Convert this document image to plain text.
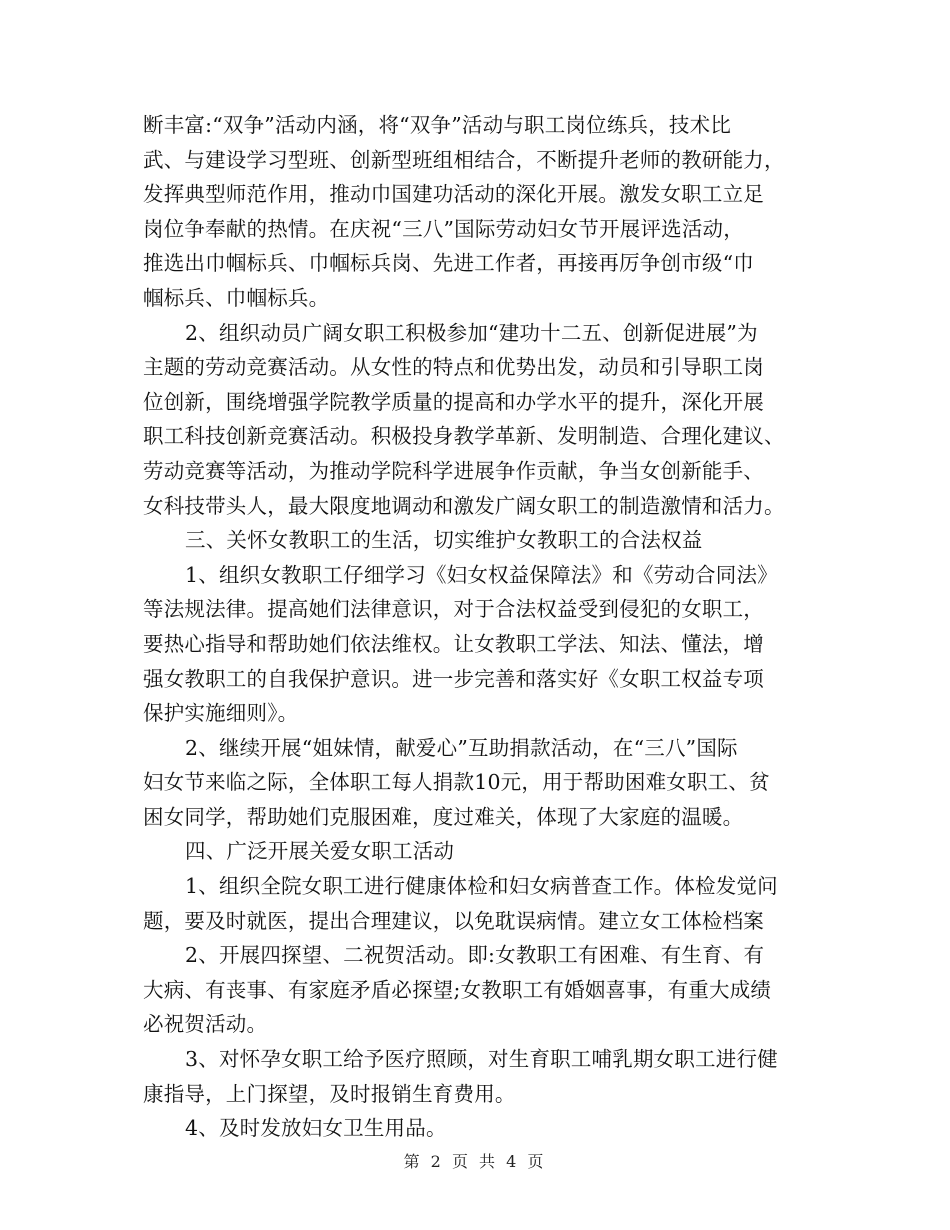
断丰富:“双争”活动内涵，将“双争”活动与职工岗位练兵，技术比
武、与建设学习型班、创新型班组相结合，不断提升老师的教研能力，
发挥典型师范作用，推动巾国建功活动的深化开展。激发女职工立足
岗位争奉献的热情。在庆祝“三八”国际劳动妇女节开展评选活动，
推选出巾帼标兵、巾帼标兵岗、先进工作者，再接再厉争创市级“巾
帼标兵、巾帼标兵。
2、组织动员广阔女职工积极参加“建功十二五、创新促进展”为
主题的劳动竞赛活动。从女性的特点和优势出发，动员和引导职工岗
位创新，围绕增强学院教学质量的提高和办学水平的提升，深化开展
职工科技创新竞赛活动。积极投身教学革新、发明制造、合理化建议、
劳动竞赛等活动，为推动学院科学进展争作贡献，争当女创新能手、
女科技带头人，最大限度地调动和激发广阔女职工的制造激情和活力。
三、关怀女教职工的生活，切实维护女教职工的合法权益
1、组织女教职工仔细学习《妇女权益保障法》和《劳动合同法》
等法规法律。提高她们法律意识，对于合法权益受到侵犯的女职工，
要热心指导和帮助她们依法维权。让女教职工学法、知法、懂法，增
强女教职工的自我保护意识。进一步完善和落实好《女职工权益专项
保护实施细则》。
2、继续开展“姐妹情，献爱心”互助捐款活动，在“三八”国际
妇女节来临之际，全体职工每人捐款10元，用于帮助困难女职工、贫
困女同学，帮助她们克服困难，度过难关，体现了大家庭的温暖。
四、广泛开展关爱女职工活动
1、组织全院女职工进行健康体检和妇女病普查工作。体检发觉问
题，要及时就医，提出合理建议，以免耽误病情。建立女工体检档案
2、开展四探望、二祝贺活动。即:女教职工有困难、有生育、有
大病、有丧事、有家庭矛盾必探望;女教职工有婚姻喜事，有重大成绩
必祝贺活动。
3、对怀孕女职工给予医疗照顾，对生育职工哺乳期女职工进行健
康指导，上门探望，及时报销生育费用。
4、及时发放妇女卫生用品。
第 2 页 共 4 页
